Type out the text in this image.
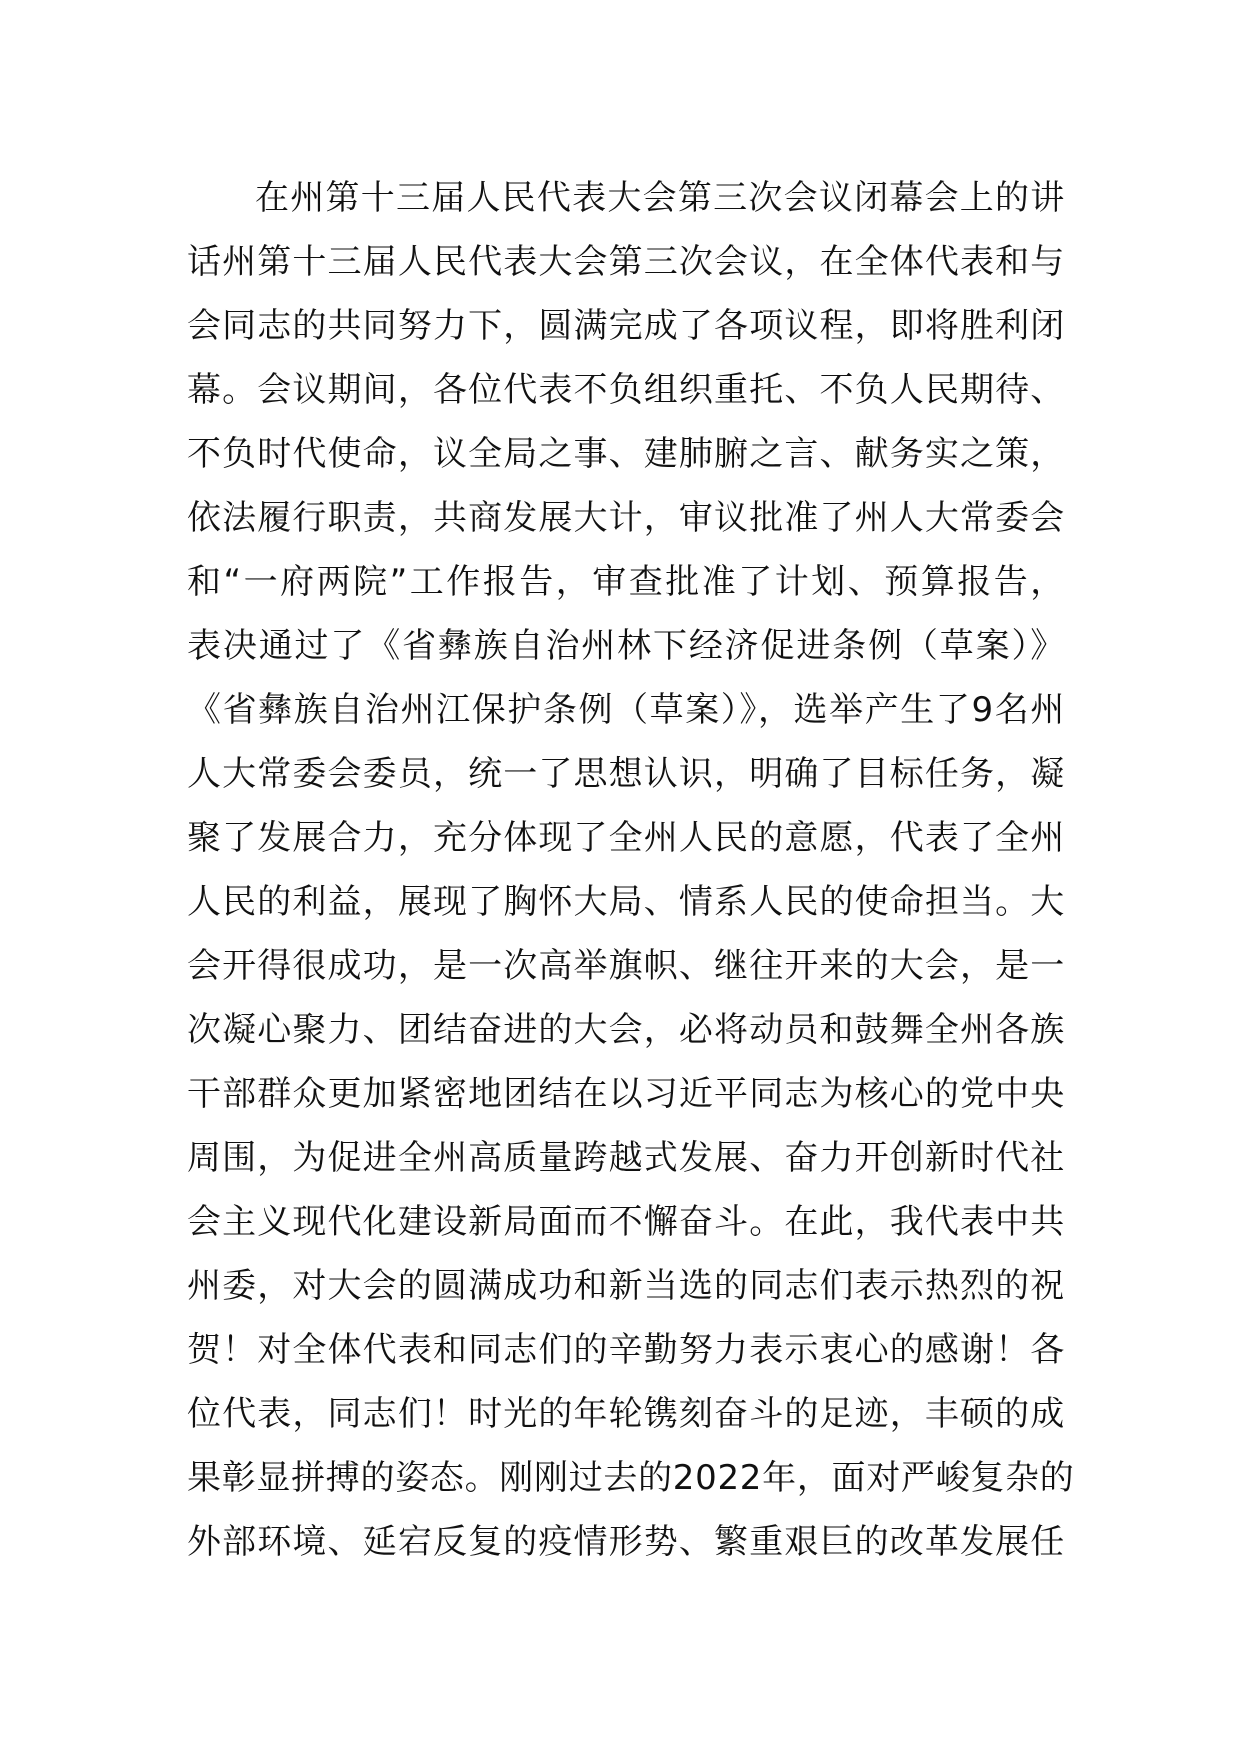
在州第十三届人民代表大会第三次会议闭幕会上的讲
话州第十三届人民代表大会第三次会议，在全体代表和与
会同志的共同努力下，圆满完成了各项议程，即将胜利闭
幕。会议期间，各位代表不负组织重托、不负人民期待、
不负时代使命，议全局之事、建肺腑之言、献务实之策，
依法履行职责，共商发展大计，审议批准了州人大常委会
和“一府两院”工作报告，审查批准了计划、预算报告，
表决通过了《省彝族自治州林下经济促进条例（草案）》
《省彝族自治州江保护条例（草案）》，选举产生了9名州
人大常委会委员，统一了思想认识，明确了目标任务，凝
聚了发展合力，充分体现了全州人民的意愿，代表了全州
人民的利益，展现了胸怀大局、情系人民的使命担当。大
会开得很成功，是一次高举旗帜、继往开来的大会，是一
次凝心聚力、团结奋进的大会，必将动员和鼓舞全州各族
干部群众更加紧密地团结在以习近平同志为核心的党中央
周围，为促进全州高质量跨越式发展、奋力开创新时代社
会主义现代化建设新局面而不懈奋斗。在此，我代表中共
州委，对大会的圆满成功和新当选的同志们表示热烈的祝
贺！对全体代表和同志们的辛勤努力表示衷心的感谢！各
位代表，同志们！时光的年轮镌刻奋斗的足迹，丰硕的成
果彰显拼搏的姿态。刚刚过去的2022年，面对严峻复杂的
外部环境、延宕反复的疫情形势、繁重艰巨的改革发展任
